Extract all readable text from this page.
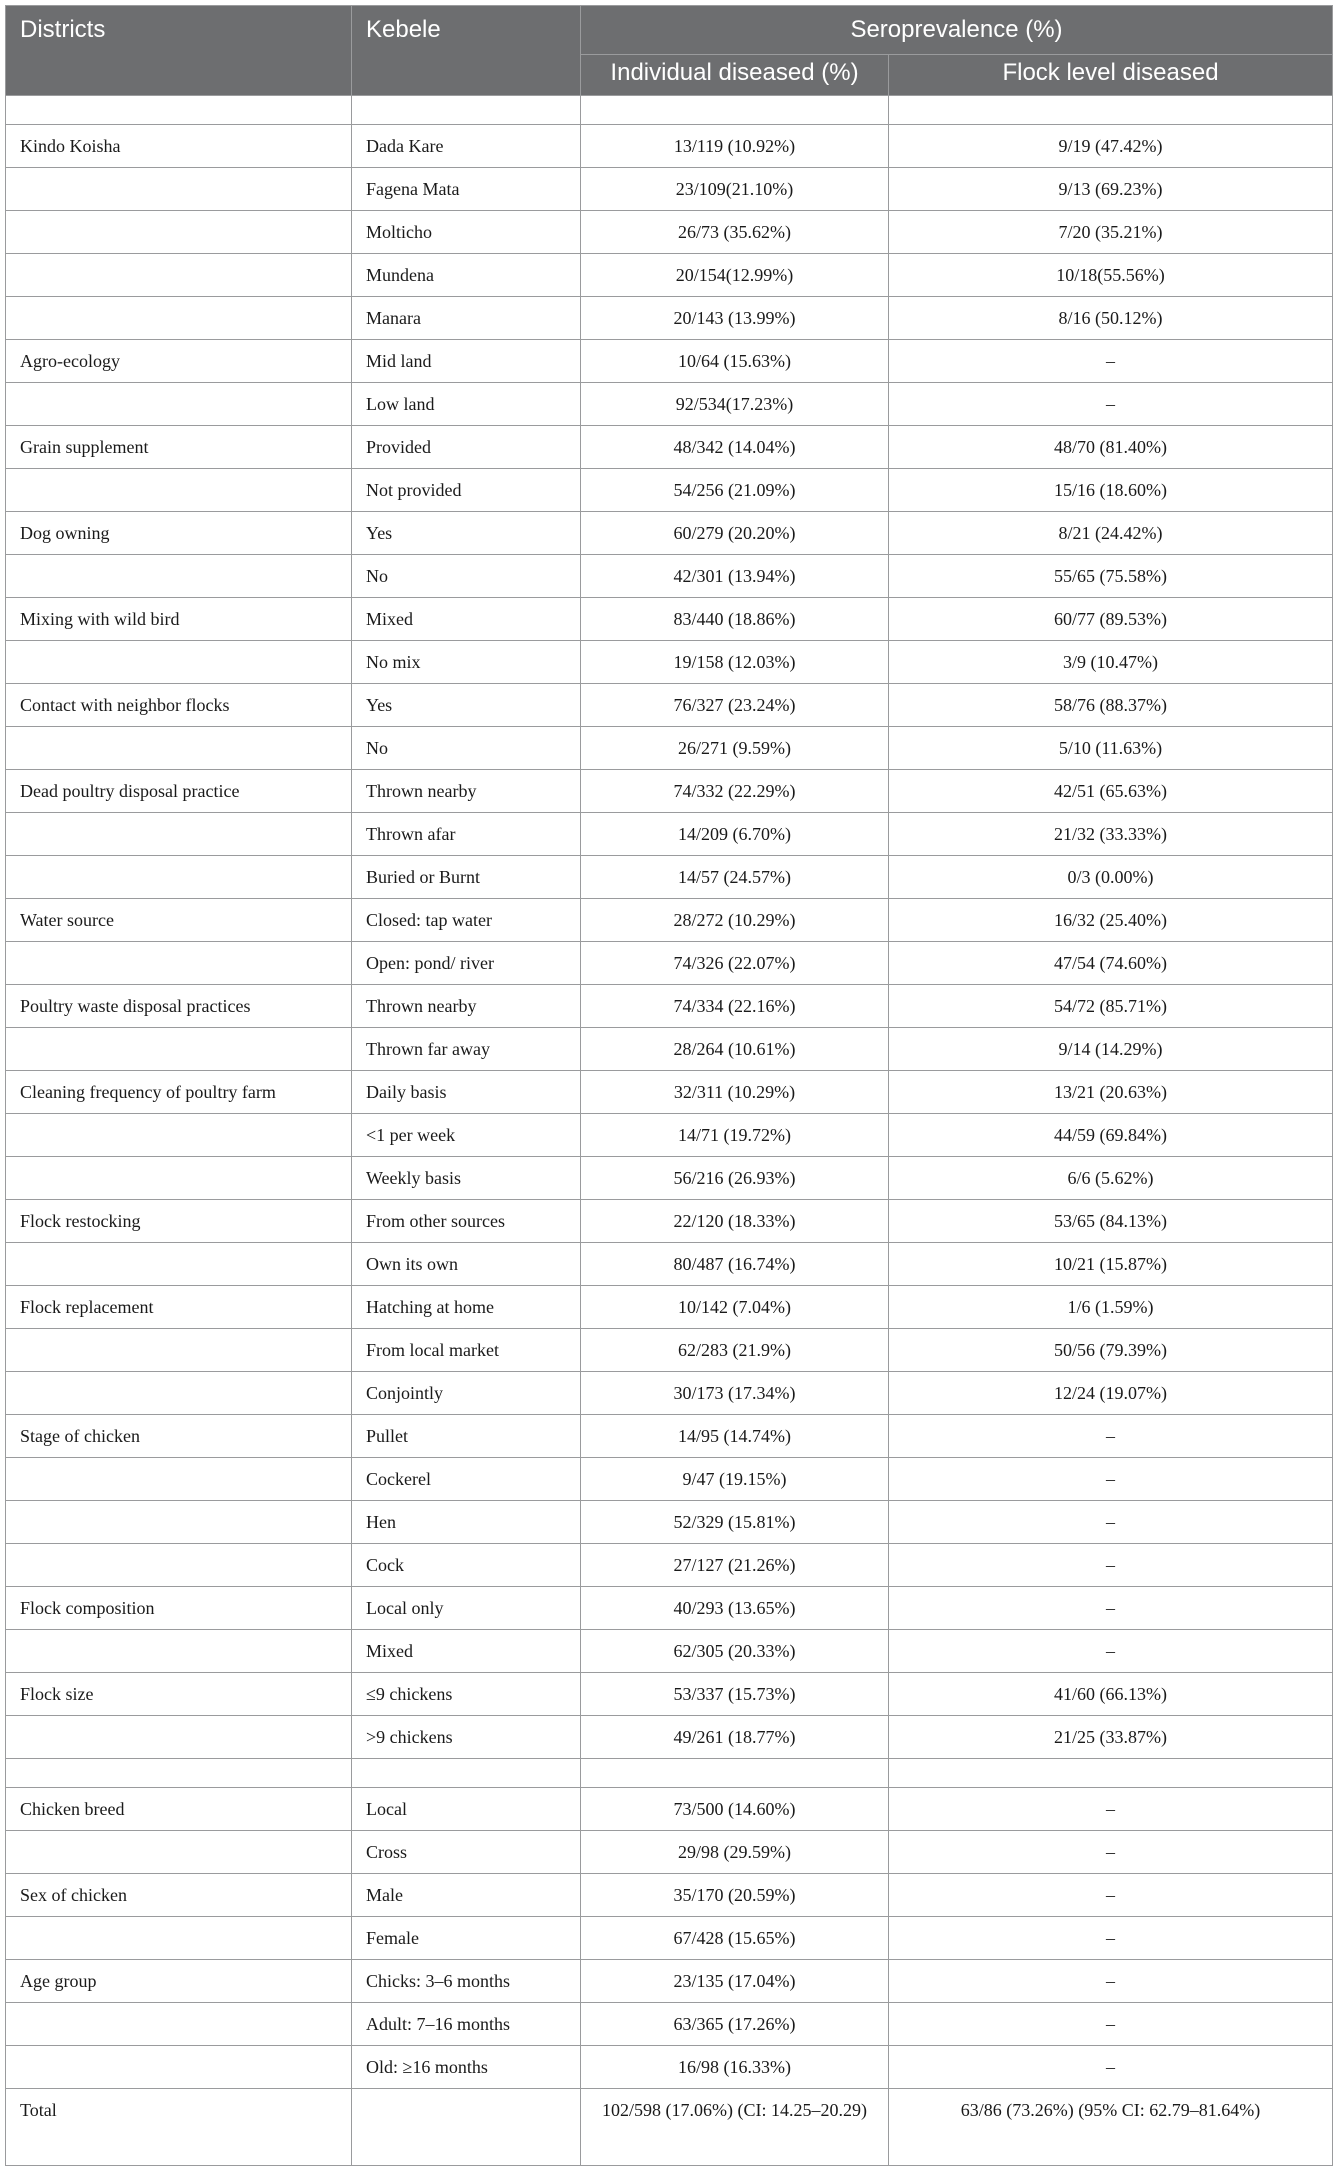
Districts	Kebele	Seroprevalence (%)	
		Individual diseased (%)	Flock level diseased

Kindo Koisha	Dada Kare	13/119 (10.92%)	9/19 (47.42%)
	Fagena Mata	23/109(21.10%)	9/13 (69.23%)
	Molticho	26/73 (35.62%)	7/20 (35.21%)
	Mundena	20/154(12.99%)	10/18(55.56%)
	Manara	20/143 (13.99%)	8/16 (50.12%)
Agro-ecology	Mid land	10/64 (15.63%)	–
	Low land	92/534(17.23%)	–
Grain supplement	Provided	48/342 (14.04%)	48/70 (81.40%)
	Not provided	54/256 (21.09%)	15/16 (18.60%)
Dog owning	Yes	60/279 (20.20%)	8/21 (24.42%)
	No	42/301 (13.94%)	55/65 (75.58%)
Mixing with wild bird	Mixed	83/440 (18.86%)	60/77 (89.53%)
	No mix	19/158 (12.03%)	3/9 (10.47%)
Contact with neighbor flocks	Yes	76/327 (23.24%)	58/76 (88.37%)
	No	26/271 (9.59%)	5/10 (11.63%)
Dead poultry disposal practice	Thrown nearby	74/332 (22.29%)	42/51 (65.63%)
	Thrown afar	14/209 (6.70%)	21/32 (33.33%)
	Buried or Burnt	14/57 (24.57%)	0/3 (0.00%)
Water source	Closed: tap water	28/272 (10.29%)	16/32 (25.40%)
	Open: pond/ river	74/326 (22.07%)	47/54 (74.60%)
Poultry waste disposal practices	Thrown nearby	74/334 (22.16%)	54/72 (85.71%)
	Thrown far away	28/264 (10.61%)	9/14 (14.29%)
Cleaning frequency of poultry farm	Daily basis	32/311 (10.29%)	13/21 (20.63%)
	<1 per week	14/71 (19.72%)	44/59 (69.84%)
	Weekly basis	56/216 (26.93%)	6/6 (5.62%)
Flock restocking	From other sources	22/120 (18.33%)	53/65 (84.13%)
	Own its own	80/487 (16.74%)	10/21 (15.87%)
Flock replacement	Hatching at home	10/142 (7.04%)	1/6 (1.59%)
	From local market	62/283 (21.9%)	50/56 (79.39%)
	Conjointly	30/173 (17.34%)	12/24 (19.07%)
Stage of chicken	Pullet	14/95 (14.74%)	–
	Cockerel	9/47 (19.15%)	–
	Hen	52/329 (15.81%)	–
	Cock	27/127 (21.26%)	–
Flock composition	Local only	40/293 (13.65%)	–
	Mixed	62/305 (20.33%)	–
Flock size	≤9 chickens	53/337 (15.73%)	41/60 (66.13%)
	>9 chickens	49/261 (18.77%)	21/25 (33.87%)

Chicken breed	Local	73/500 (14.60%)	–
	Cross	29/98 (29.59%)	–
Sex of chicken	Male	35/170 (20.59%)	–
	Female	67/428 (15.65%)	–
Age group	Chicks: 3–6 months	23/135 (17.04%)	–
	Adult: 7–16 months	63/365 (17.26%)	–
	Old: ≥16 months	16/98 (16.33%)	–
Total		102/598 (17.06%) (CI: 14.25–20.29)	63/86 (73.26%) (95% CI: 62.79–81.64%)
